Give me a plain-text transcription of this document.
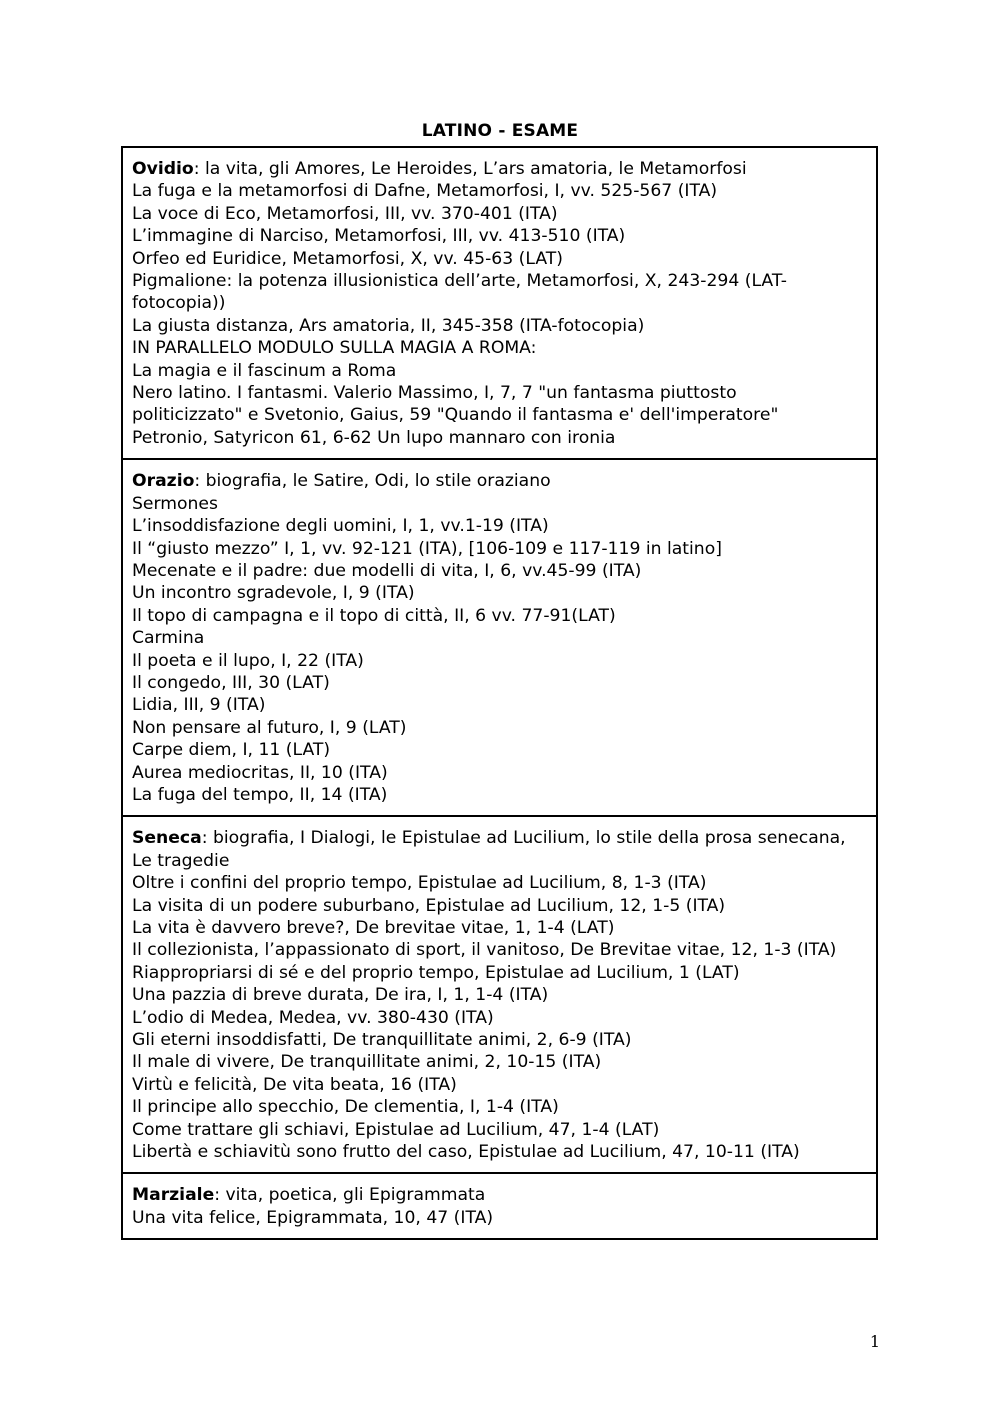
LATINO - ESAME
Ovidio: la vita, gli Amores, Le Heroides, L’ars amatoria, le Metamorfosi
La fuga e la metamorfosi di Dafne, Metamorfosi, I, vv. 525-567 (ITA)
La voce di Eco, Metamorfosi, III, vv. 370-401 (ITA)
L’immagine di Narciso, Metamorfosi, III, vv. 413-510 (ITA)
Orfeo ed Euridice, Metamorfosi, X, vv. 45-63 (LAT)
Pigmalione: la potenza illusionistica dell’arte, Metamorfosi, X, 243-294 (LAT-fotocopia))
La giusta distanza, Ars amatoria, II, 345-358 (ITA-fotocopia)
IN PARALLELO MODULO SULLA MAGIA A ROMA:
La magia e il fascinum a Roma
Nero latino. I fantasmi. Valerio Massimo, I, 7, 7 "un fantasma piuttosto
politicizzato" e Svetonio, Gaius, 59 "Quando il fantasma e' dell'imperatore"
Petronio, Satyricon 61, 6-62 Un lupo mannaro con ironia
Orazio: biografia, le Satire, Odi, lo stile oraziano
Sermones
L’insoddisfazione degli uomini, I, 1, vv.1-19 (ITA)
Il “giusto mezzo” I, 1, vv. 92-121 (ITA), [106-109 e 117-119 in latino]
Mecenate e il padre: due modelli di vita, I, 6, vv.45-99 (ITA)
Un incontro sgradevole, I, 9 (ITA)
Il topo di campagna e il topo di città, II, 6 vv. 77-91(LAT)
Carmina
Il poeta e il lupo, I, 22 (ITA)
Il congedo, III, 30 (LAT)
Lidia, III, 9 (ITA)
Non pensare al futuro, I, 9 (LAT)
Carpe diem, I, 11 (LAT)
Aurea mediocritas, II, 10 (ITA)
La fuga del tempo, II, 14 (ITA)
Seneca: biografia, I Dialogi, le Epistulae ad Lucilium, lo stile della prosa senecana,
Le tragedie
Oltre i confini del proprio tempo, Epistulae ad Lucilium, 8, 1-3 (ITA)
La visita di un podere suburbano, Epistulae ad Lucilium, 12, 1-5 (ITA)
La vita è davvero breve?, De brevitae vitae, 1, 1-4 (LAT)
Il collezionista, l’appassionato di sport, il vanitoso, De Brevitae vitae, 12, 1-3 (ITA)
Riappropriarsi di sé e del proprio tempo, Epistulae ad Lucilium, 1 (LAT)
Una pazzia di breve durata, De ira, I, 1, 1-4 (ITA)
L’odio di Medea, Medea, vv. 380-430 (ITA)
Gli eterni insoddisfatti, De tranquillitate animi, 2, 6-9 (ITA)
Il male di vivere, De tranquillitate animi, 2, 10-15 (ITA)
Virtù e felicità, De vita beata, 16 (ITA)
Il principe allo specchio, De clementia, I, 1-4 (ITA)
Come trattare gli schiavi, Epistulae ad Lucilium, 47, 1-4 (LAT)
Libertà e schiavitù sono frutto del caso, Epistulae ad Lucilium, 47, 10-11 (ITA)
Marziale: vita, poetica, gli Epigrammata
Una vita felice, Epigrammata, 10, 47 (ITA)
1
